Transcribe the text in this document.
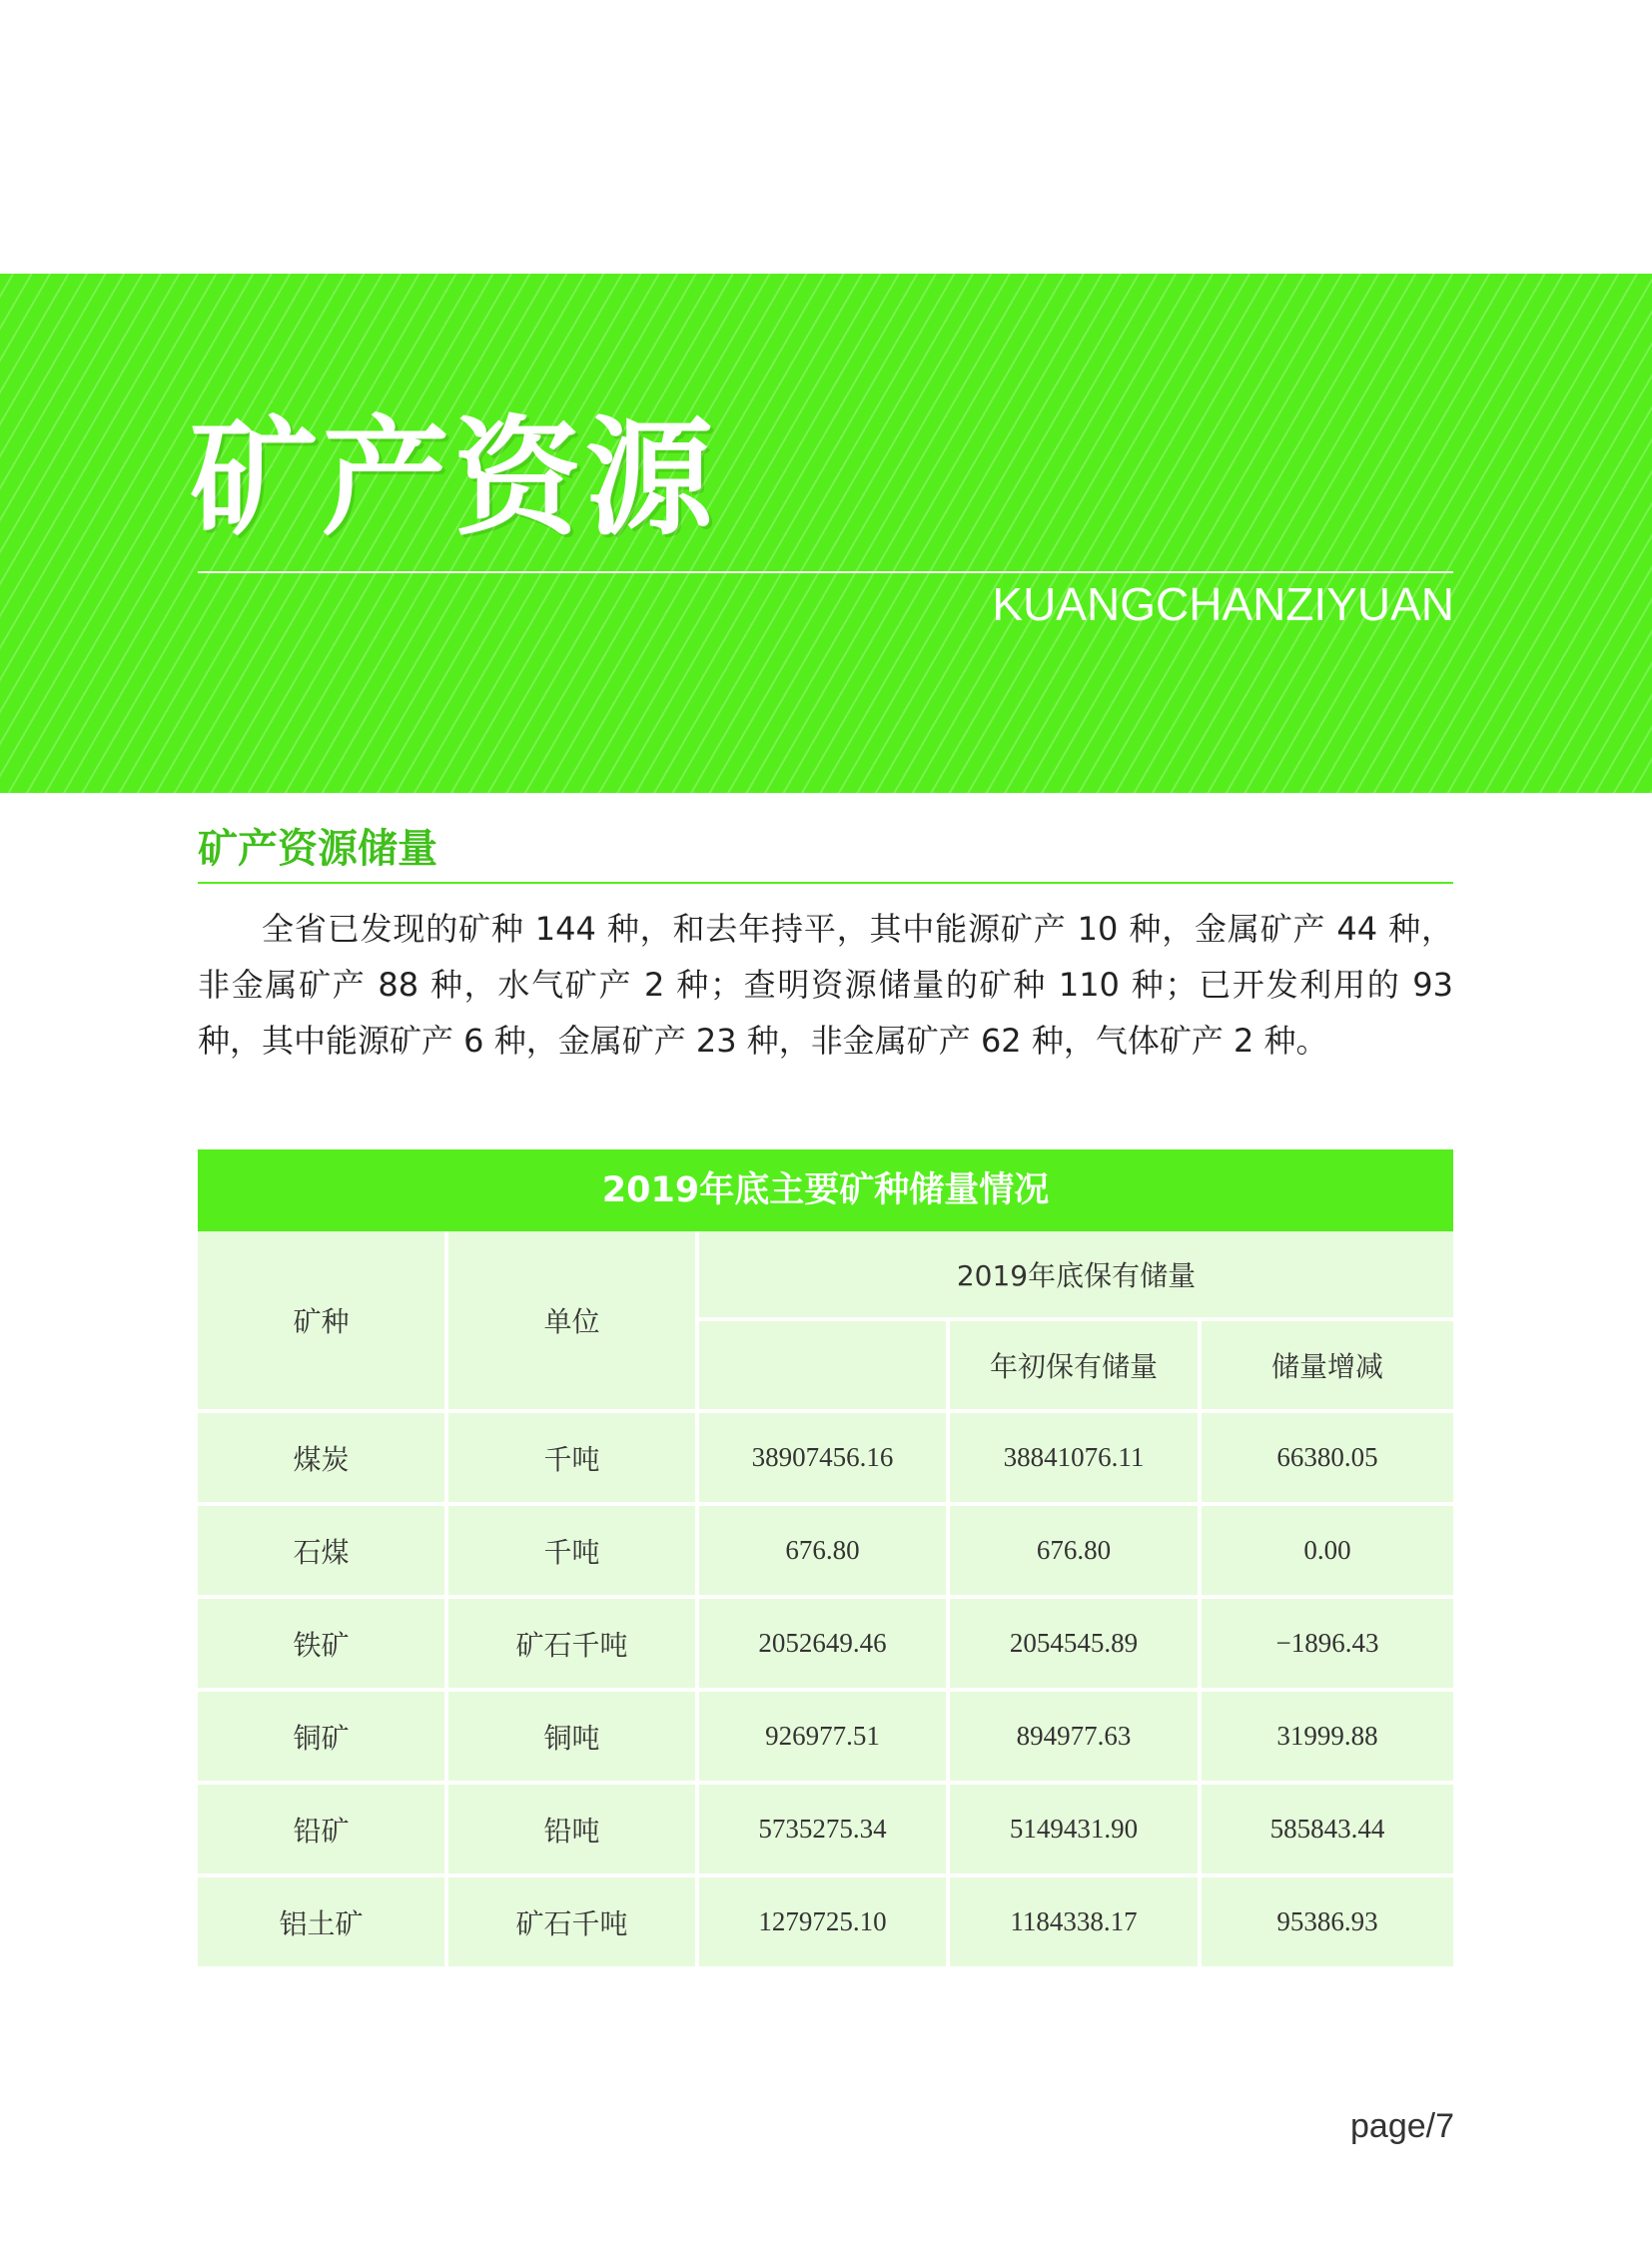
矿产资源
KUANGCHANZIYUAN
矿产资源储量

全省已发现的矿种 144 种，和去年持平，其中能源矿产 10 种，金属矿产 44 种，非金属矿产 88 种，水气矿产 2 种；查明资源储量的矿种 110 种；已开发利用的 93 种，其中能源矿产 6 种，金属矿产 23 种，非金属矿产 62 种，气体矿产 2 种。

2019年底主要矿种储量情况
矿种	单位	2019年底保有储量		
			年初保有储量	储量增减
煤炭	千吨	38907456.16	38841076.11	66380.05
石煤	千吨	676.80	676.80	0.00
铁矿	矿石千吨	2052649.46	2054545.89	−1896.43
铜矿	铜吨	926977.51	894977.63	31999.88
铅矿	铅吨	5735275.34	5149431.90	585843.44
铝土矿	矿石千吨	1279725.10	1184338.17	95386.93
page/7
